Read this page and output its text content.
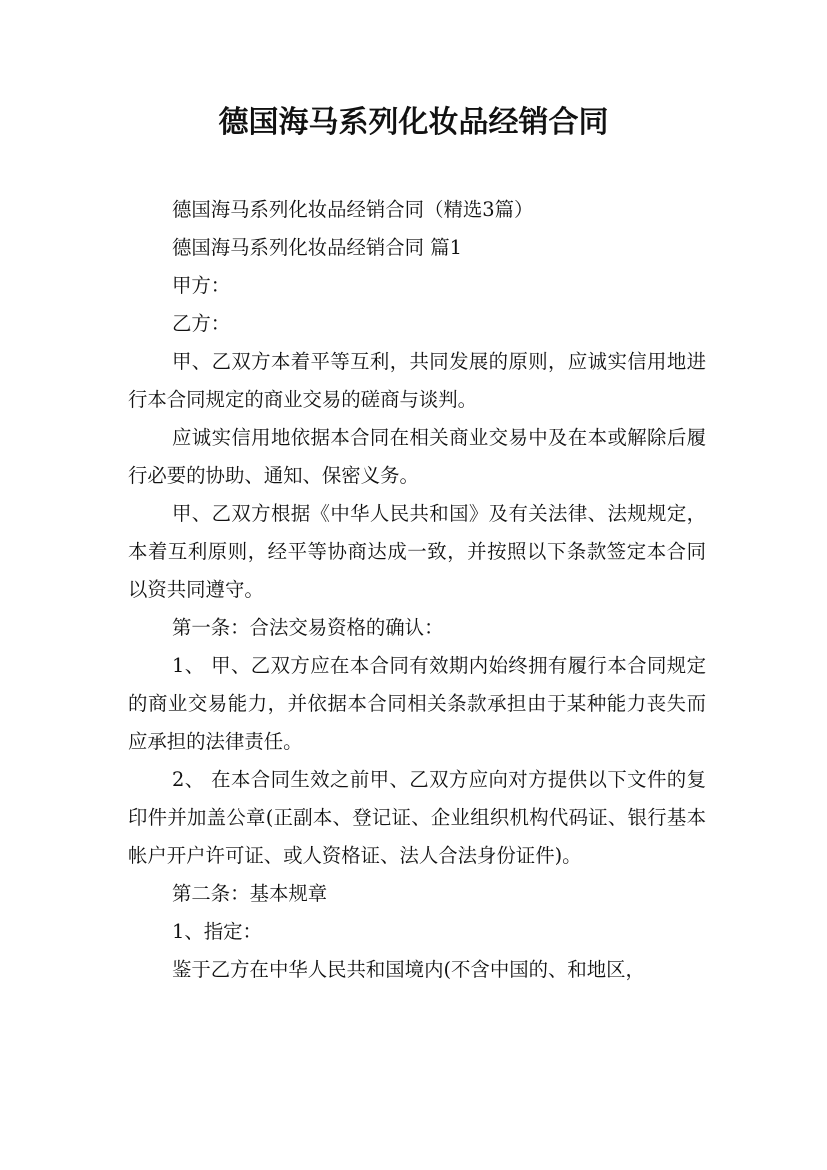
德国海马系列化妆品经销合同

德国海马系列化妆品经销合同（精选3篇）

德国海马系列化妆品经销合同 篇1

甲方：

乙方：

甲、乙双方本着平等互利，共同发展的原则，应诚实信用地进行本合同规定的商业交易的磋商与谈判。

应诚实信用地依据本合同在相关商业交易中及在本或解除后履行必要的协助、通知、保密义务。

甲、乙双方根据《中华人民共和国》及有关法律、法规规定，本着互利原则，经平等协商达成一致，并按照以下条款签定本合同以资共同遵守。

第一条：合法交易资格的确认：

1、 甲、乙双方应在本合同有效期内始终拥有履行本合同规定的商业交易能力，并依据本合同相关条款承担由于某种能力丧失而应承担的法律责任。

2、 在本合同生效之前甲、乙双方应向对方提供以下文件的复印件并加盖公章(正副本、登记证、企业组织机构代码证、银行基本帐户开户许可证、或人资格证、法人合法身份证件)。

第二条：基本规章

1、指定：

鉴于乙方在中华人民共和国境内(不含中国的、和地区，
